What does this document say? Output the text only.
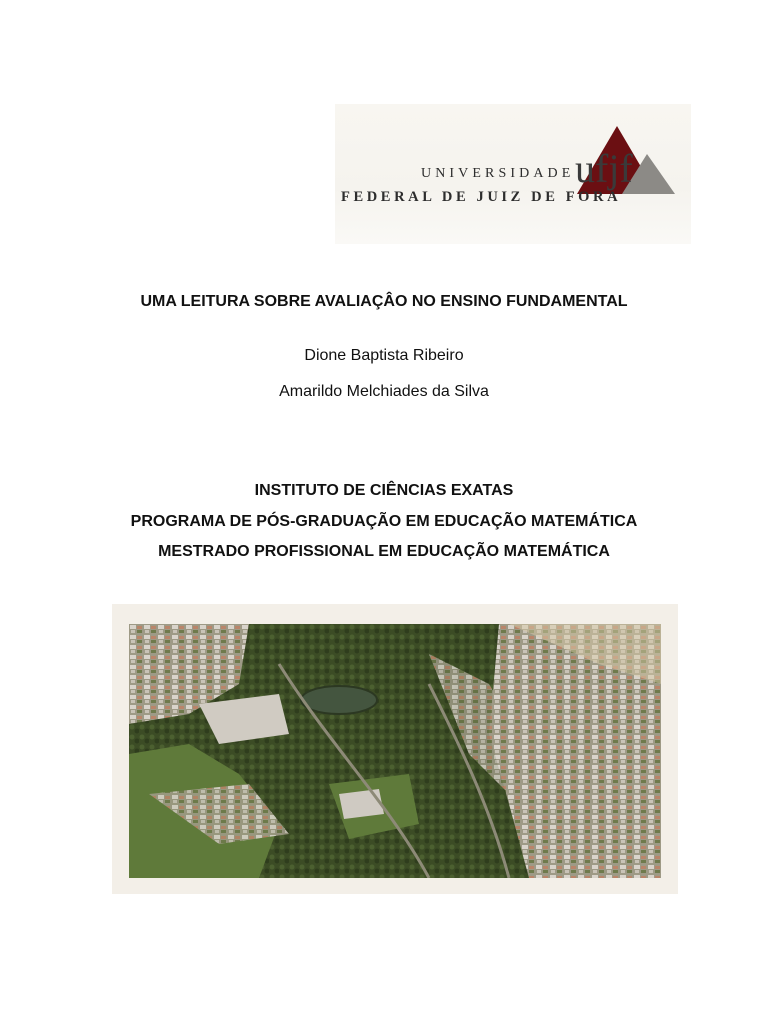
ufjf
UNIVERSIDADE
FEDERAL DE JUIZ DE FORA
UMA LEITURA SOBRE AVALIAÇÂO NO ENSINO FUNDAMENTAL
Dione Baptista Ribeiro
Amarildo Melchiades da Silva
INSTITUTO DE CIÊNCIAS EXATAS
PROGRAMA DE PÓS-GRADUAÇÃO EM EDUCAÇÃO MATEMÁTICA
MESTRADO PROFISSIONAL EM EDUCAÇÃO MATEMÁTICA
